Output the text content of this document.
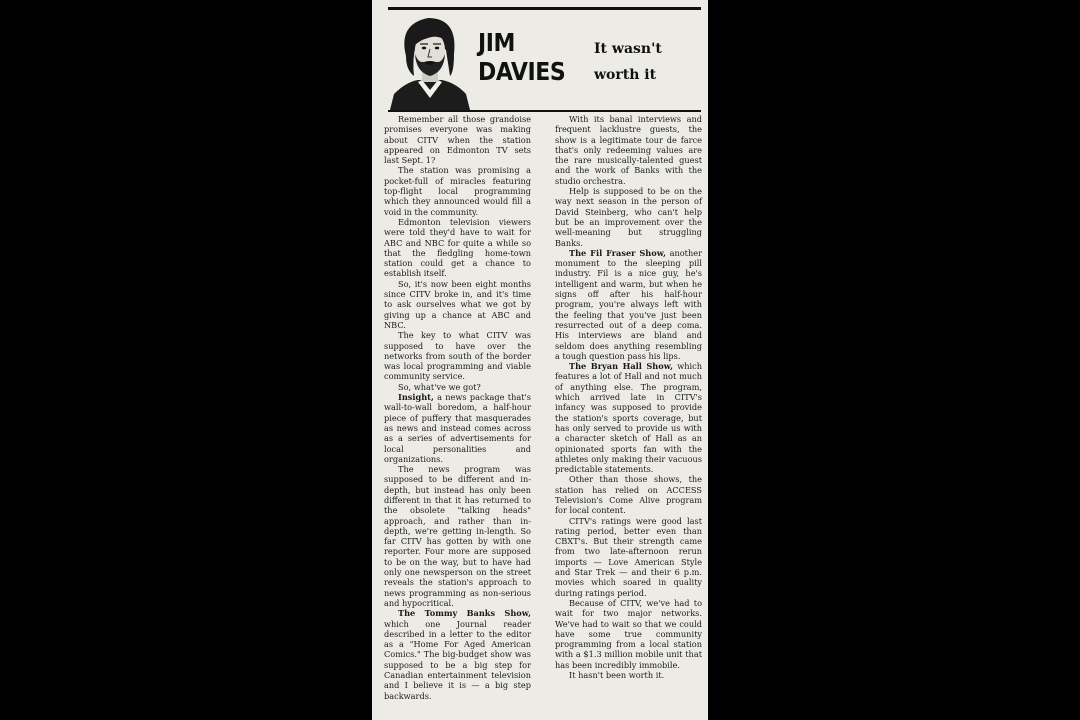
JIM
DAVIES
It wasn't
worth it

Remember all those grandoise promises everyone was making about CITV when the station appeared on Edmonton TV sets last Sept. 1?

The station was promising a pocket-full of miracles featuring top-flight local programming which they announced would fill a void in the community.

Edmonton television viewers were told they'd have to wait for ABC and NBC for quite a while so that the fledgling home-town station could get a chance to establish itself.

So, it's now been eight months since CITV broke in, and it's time to ask ourselves what we got by giving up a chance at ABC and NBC.

The key to what CITV was supposed to have over the networks from south of the border was local programming and viable community service.

So, what've we got?

Insight, a news package that's wall-to-wall boredom, a half-hour piece of puffery that masquerades as news and instead comes across as a series of advertisements for local personalities and organizations.

The news program was supposed to be different and in-depth, but instead has only been different in that it has returned to the obsolete "talking heads" approach, and rather than in-depth, we're getting in-length. So far CITV has gotten by with one reporter. Four more are supposed to be on the way, but to have had only one newsperson on the street reveals the station's approach to news programming as non-serious and hypocritical.

The Tommy Banks Show, which one Journal reader described in a letter to the editor as a "Home For Aged American Comics." The big-budget show was supposed to be a big step for Canadian entertainment television and I believe it is — a big step backwards.

With its banal interviews and frequent lacklustre guests, the show is a legitimate tour de farce that's only redeeming values are the rare musically-talented guest and the work of Banks with the studio orchestra.

Help is supposed to be on the way next season in the person of David Steinberg, who can't help but be an improvement over the well-meaning but struggling Banks.

The Fil Fraser Show, another monument to the sleeping pill industry. Fil is a nice guy, he's intelligent and warm, but when he signs off after his half-hour program, you're always left with the feeling that you've just been resurrected out of a deep coma. His interviews are bland and seldom does anything resembling a tough question pass his lips.

The Bryan Hall Show, which features a lot of Hall and not much of anything else. The program, which arrived late in CITV's infancy was supposed to provide the station's sports coverage, but has only served to provide us with a character sketch of Hall as an opinionated sports fan with the athletes only making their vacuous predictable statements.

Other than those shows, the station has relied on ACCESS Television's Come Alive program for local content.

CITV's ratings were good last rating period, better even than CBXT's. But their strength came from two late-afternoon rerun imports — Love American Style and Star Trek — and their 6 p.m. movies which soared in quality during ratings period.

Because of CITV, we've had to wait for two major networks. We've had to wait so that we could have some true community programming from a local station with a $1.3 million mobile unit that has been incredibly immobile.

It hasn't been worth it.
